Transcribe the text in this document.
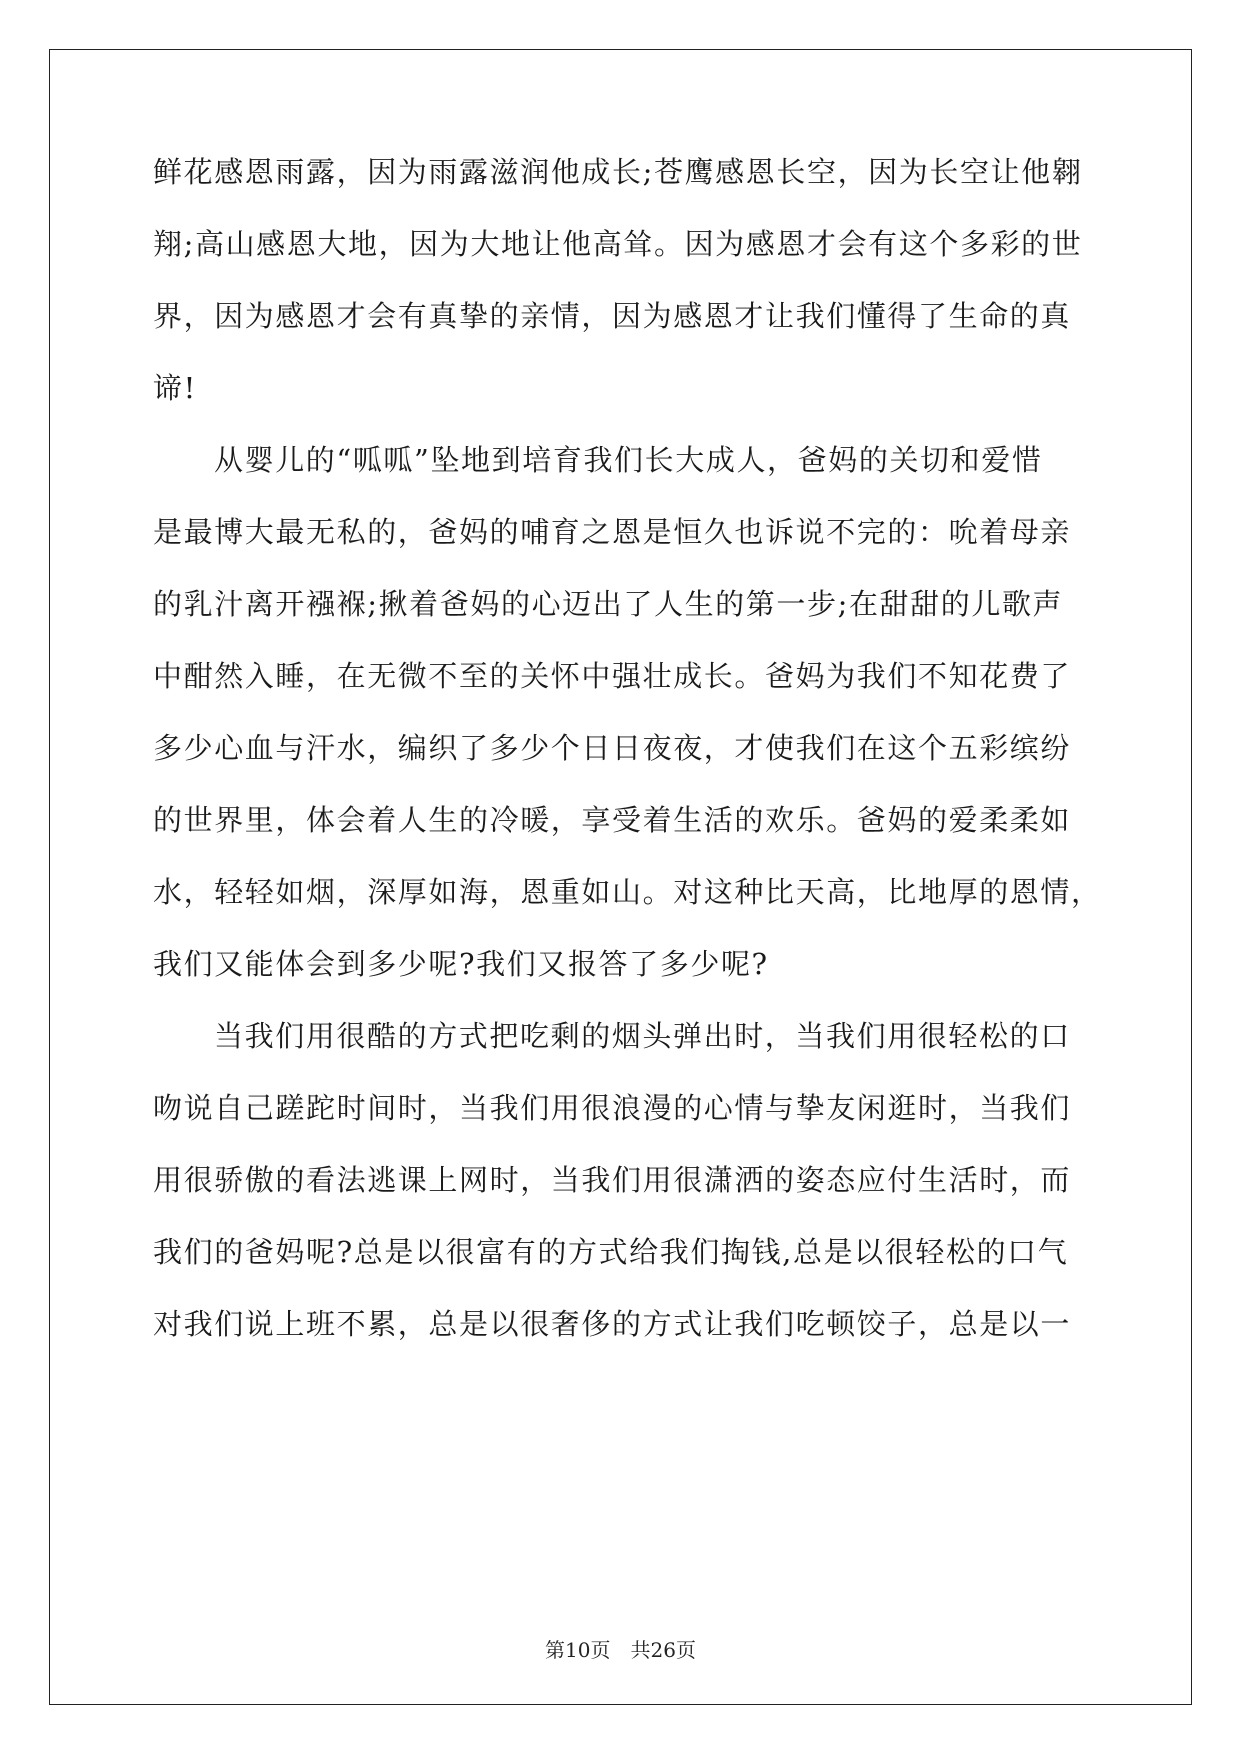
鲜花感恩雨露，因为雨露滋润他成长;苍鹰感恩长空，因为长空让他翱
翔;高山感恩大地，因为大地让他高耸。因为感恩才会有这个多彩的世
界，因为感恩才会有真挚的亲情，因为感恩才让我们懂得了生命的真
谛!
从婴儿的“呱呱”坠地到培育我们长大成人，爸妈的关切和爱惜
是最博大最无私的，爸妈的哺育之恩是恒久也诉说不完的：吮着母亲
的乳汁离开襁褓;揪着爸妈的心迈出了人生的第一步;在甜甜的儿歌声
中酣然入睡，在无微不至的关怀中强壮成长。爸妈为我们不知花费了
多少心血与汗水，编织了多少个日日夜夜，才使我们在这个五彩缤纷
的世界里，体会着人生的冷暖，享受着生活的欢乐。爸妈的爱柔柔如
水，轻轻如烟，深厚如海，恩重如山。对这种比天高，比地厚的恩情，
我们又能体会到多少呢?我们又报答了多少呢?
当我们用很酷的方式把吃剩的烟头弹出时，当我们用很轻松的口
吻说自己蹉跎时间时，当我们用很浪漫的心情与挚友闲逛时，当我们
用很骄傲的看法逃课上网时，当我们用很潇洒的姿态应付生活时，而
我们的爸妈呢?总是以很富有的方式给我们掏钱,总是以很轻松的口气
对我们说上班不累，总是以很奢侈的方式让我们吃顿饺子，总是以一
第10页　共26页
